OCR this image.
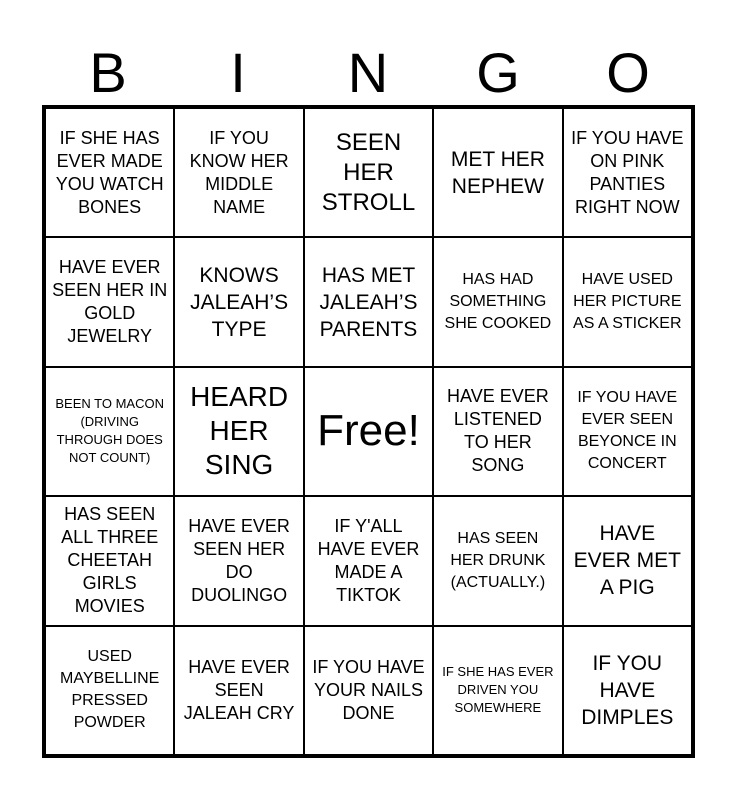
B	I	N	G	O
IF SHE HAS EVER MADE YOU WATCH BONES
IF YOU KNOW HER MIDDLE NAME
SEEN HER STROLL
MET HER NEPHEW
IF YOU HAVE ON PINK PANTIES RIGHT NOW
HAVE EVER SEEN HER IN GOLD JEWELRY
KNOWS JALEAH’S TYPE
HAS MET JALEAH’S PARENTS
HAS HAD SOMETHING SHE COOKED
HAVE USED HER PICTURE AS A STICKER
BEEN TO MACON (DRIVING THROUGH DOES NOT COUNT)
HEARD HER SING
Free!
HAVE EVER LISTENED TO HER SONG
IF YOU HAVE EVER SEEN BEYONCE IN CONCERT
HAS SEEN ALL THREE CHEETAH GIRLS MOVIES
HAVE EVER SEEN HER DO DUOLINGO
IF Y'ALL HAVE EVER MADE A TIKTOK
HAS SEEN HER DRUNK (ACTUALLY.)
HAVE EVER MET A PIG
USED MAYBELLINE PRESSED POWDER
HAVE EVER SEEN JALEAH CRY
IF YOU HAVE YOUR NAILS DONE
IF SHE HAS EVER DRIVEN YOU SOMEWHERE
IF YOU HAVE DIMPLES
